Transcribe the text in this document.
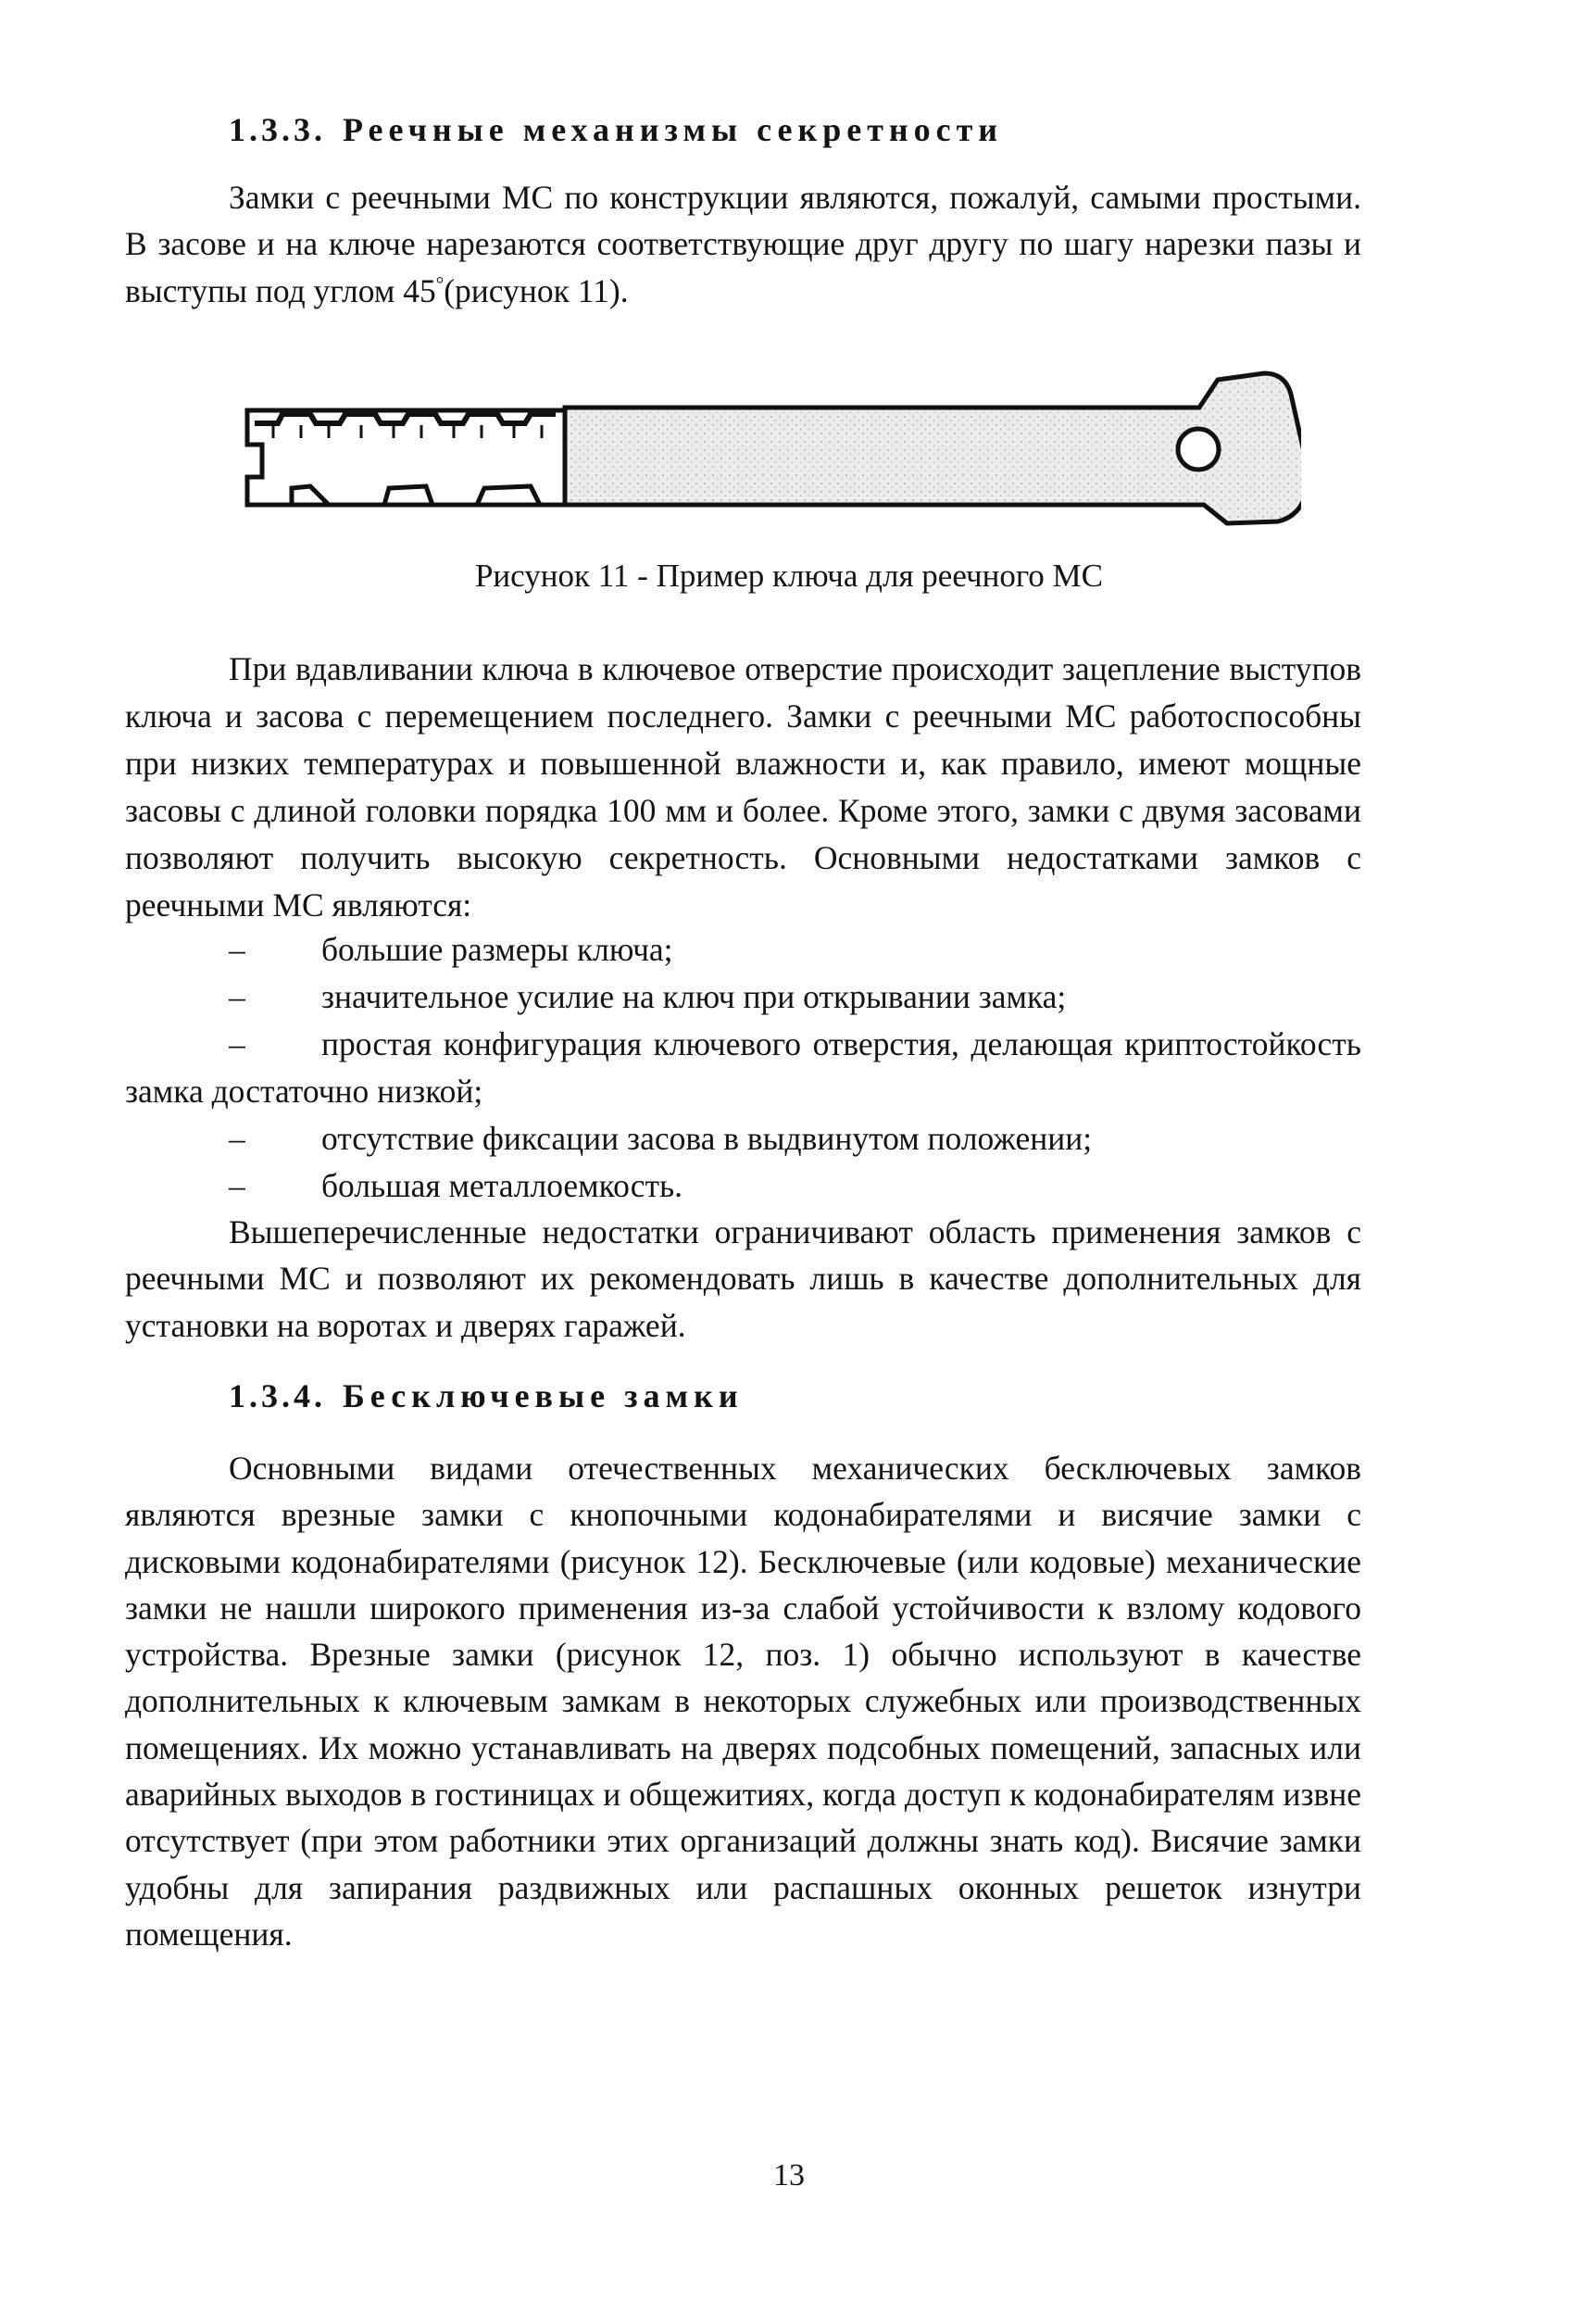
1.3.3. Реечные механизмы секретности

Замки с реечными МС по конструкции являются, пожалуй, самыми простыми. В засове и на ключе нарезаются соответствующие друг другу по шагу нарезки пазы и выступы под углом 45°(рисунок 11).

Рисунок 11 - Пример ключа для реечного МС

При вдавливании ключа в ключевое отверстие происходит зацепление выступов ключа и засова с перемещением последнего. Замки с реечными МС работоспособны при низких температурах и повышенной влажности и, как правило, имеют мощные засовы с длиной головки порядка 100 мм и более. Кроме этого, замки с двумя засовами позволяют получить высокую секретность. Основными недостатками замков с реечными МС являются:

– большие размеры ключа;
– значительное усилие на ключ при открывании замка;
– простая конфигурация ключевого отверстия, делающая криптостойкость замка достаточно низкой;
– отсутствие фиксации засова в выдвинутом положении;
– большая металлоемкость.

Вышеперечисленные недостатки ограничивают область применения замков с реечными МС и позволяют их рекомендовать лишь в качестве дополнительных для установки на воротах и дверях гаражей.

1.3.4. Бесключевые замки

Основными видами отечественных механических бесключевых замков являются врезные замки с кнопочными кодонабирателями и висячие замки с дисковыми кодонабирателями (рисунок 12). Бесключевые (или кодовые) механические замки не нашли широкого применения из-за слабой устойчивости к взлому кодового устройства. Врезные замки (рисунок 12, поз. 1) обычно используют в качестве дополнительных к ключевым замкам в некоторых служебных или производственных помещениях. Их можно устанавливать на дверях подсобных помещений, запасных или аварийных выходов в гостиницах и общежитиях, когда доступ к кодонабирателям извне отсутствует (при этом работники этих организаций должны знать код). Висячие замки удобны для запирания раздвижных или распашных оконных решеток изнутри помещения.

13
